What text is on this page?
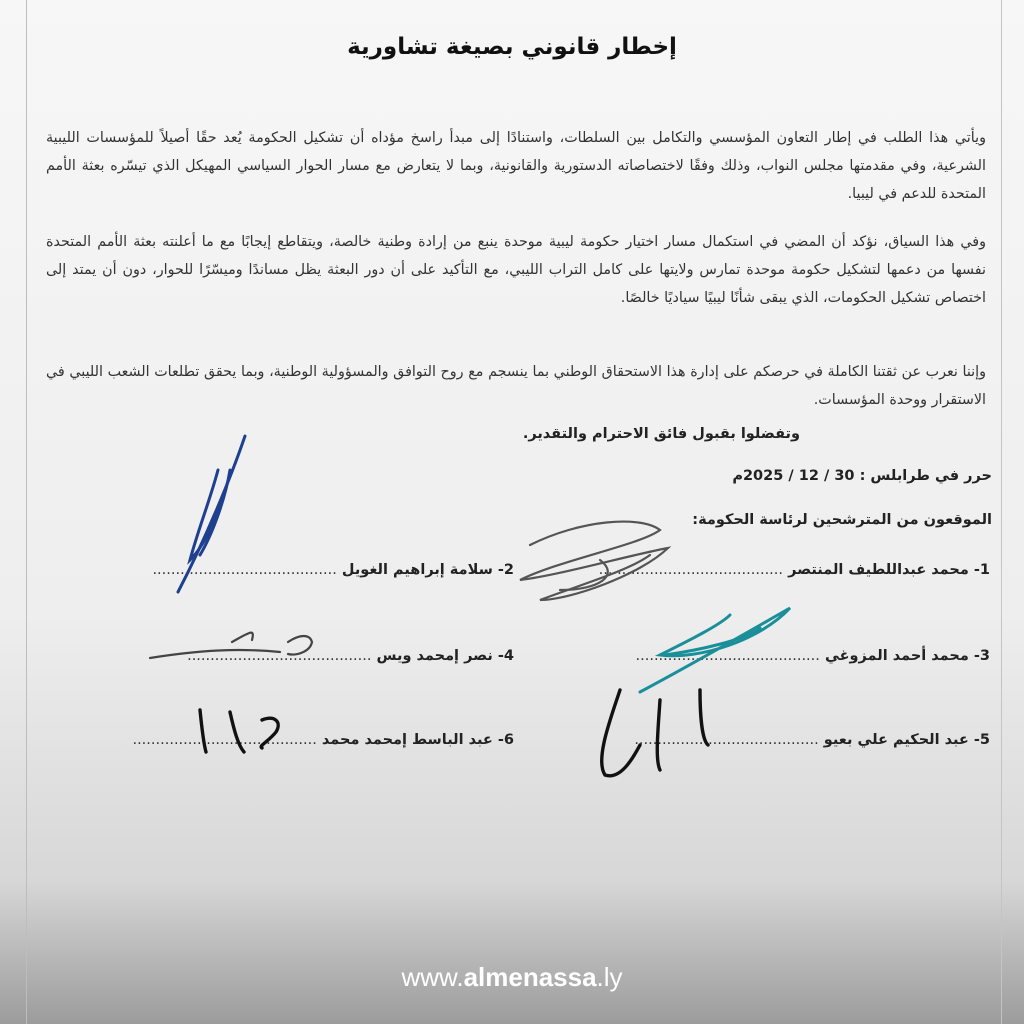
إخطار قانوني بصيغة تشاورية
ويأتي هذا الطلب في إطار التعاون المؤسسي والتكامل بين السلطات، واستنادًا إلى مبدأ راسخ مؤداه أن تشكيل الحكومة يُعد حقًا أصيلاً للمؤسسات الليبية الشرعية، وفي مقدمتها مجلس النواب، وذلك وفقًا لاختصاصاته الدستورية والقانونية، وبما لا يتعارض مع مسار الحوار السياسي المهيكل الذي تيسّره بعثة الأمم المتحدة للدعم في ليبيا.
وفي هذا السياق، نؤكد أن المضي في استكمال مسار اختيار حكومة ليبية موحدة ينبع من إرادة وطنية خالصة، ويتقاطع إيجابًا مع ما أعلنته بعثة الأمم المتحدة نفسها من دعمها لتشكيل حكومة موحدة تمارس ولايتها على كامل التراب الليبي، مع التأكيد على أن دور البعثة يظل مساندًا وميسّرًا للحوار، دون أن يمتد إلى اختصاص تشكيل الحكومات، الذي يبقى شأنًا ليبيًا سياديًا خالصًا.
وإننا نعرب عن ثقتنا الكاملة في حرصكم على إدارة هذا الاستحقاق الوطني بما ينسجم مع روح التوافق والمسؤولية الوطنية، وبما يحقق تطلعات الشعب الليبي في الاستقرار ووحدة المؤسسات.
وتفضلوا بقبول فائق الاحترام والتقدير.
حرر في طرابلس : 30 / 12 / 2025م
الموقعون من المترشحين لرئاسة الحكومة:
1- محمد عبداللطيف المنتصر ........................................
2- سلامة إبراهيم الغويل ........................................
3- محمد أحمد المزوغي ........................................
4- نصر إمحمد ويس ........................................
5- عبد الحكيم علي بعيو ........................................
6- عبد الباسط إمحمد محمد ........................................
www.almenassa.ly
